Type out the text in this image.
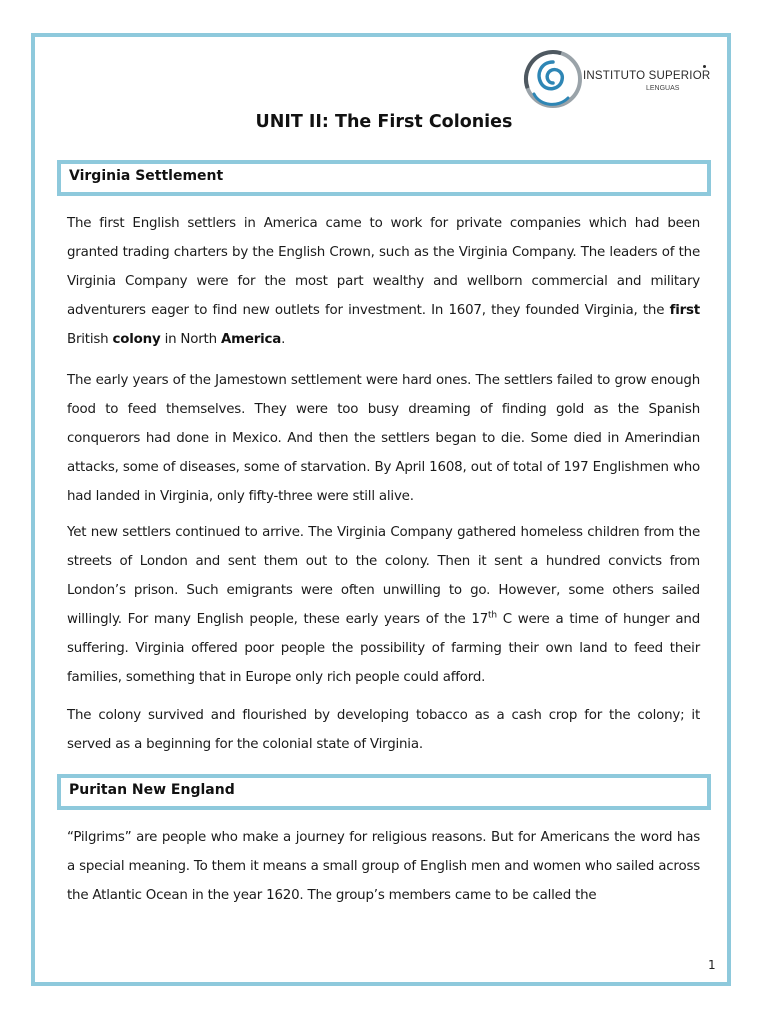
INSTITUTO SUPERIOR
LENGUAS
UNIT II: The First Colonies
Virginia Settlement

The first English settlers in America came to work for private companies which had been granted trading charters by the English Crown, such as the Virginia Company. The leaders of the Virginia Company were for the most part wealthy and wellborn commercial and military adventurers eager to find new outlets for investment. In 1607, they founded Virginia, the first British colony in North America.

The early years of the Jamestown settlement were hard ones. The settlers failed to grow enough food to feed themselves. They were too busy dreaming of finding gold as the Spanish conquerors had done in Mexico. And then the settlers began to die. Some died in Amerindian attacks, some of diseases, some of starvation. By April 1608, out of total of 197 Englishmen who had landed in Virginia, only fifty-three were still alive.

Yet new settlers continued to arrive. The Virginia Company gathered homeless children from the streets of London and sent them out to the colony. Then it sent a hundred convicts from London’s prison. Such emigrants were often unwilling to go. However, some others sailed willingly. For many English people, these early years of the 17th C were a time of hunger and suffering. Virginia offered poor people the possibility of farming their own land to feed their families, something that in Europe only rich people could afford.

The colony survived and flourished by developing tobacco as a cash crop for the colony; it served as a beginning for the colonial state of Virginia.

Puritan New England

“Pilgrims” are people who make a journey for religious reasons. But for Americans the word has a special meaning. To them it means a small group of English men and women who sailed across the Atlantic Ocean in the year 1620. The group’s members came to be called the

1
